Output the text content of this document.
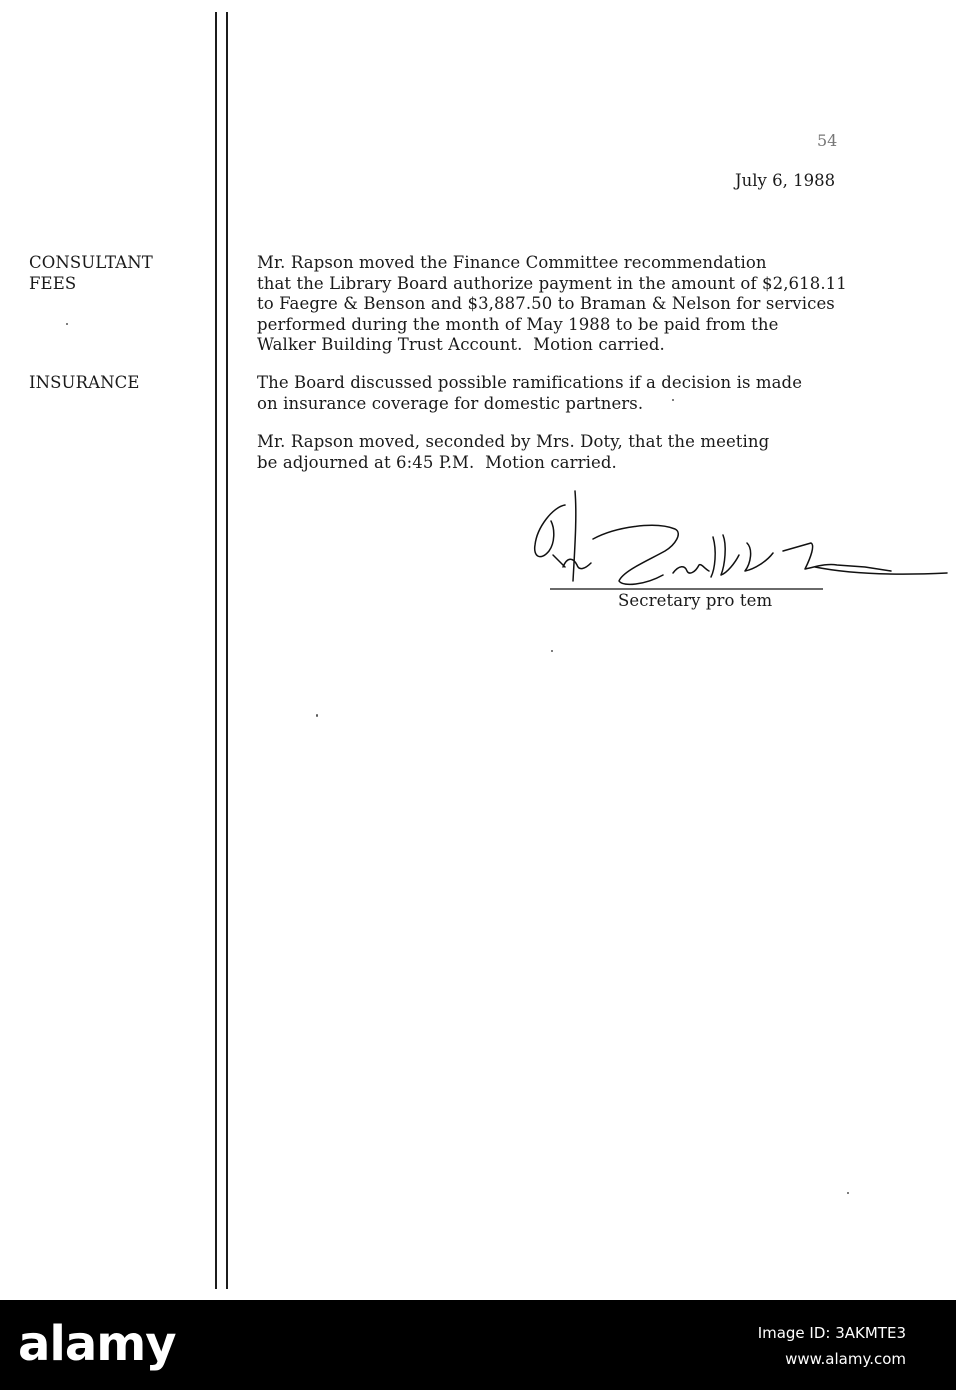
54
July 6, 1988
CONSULTANT
FEES
Mr. Rapson moved the Finance Committee recommendation
that the Library Board authorize payment in the amount of $2,618.11
to Faegre & Benson and $3,887.50 to Braman & Nelson for services
performed during the month of May 1988 to be paid from the
Walker Building Trust Account.  Motion carried.
INSURANCE	The Board discussed possible ramifications if a decision is made
on insurance coverage for domestic partners.
Mr. Rapson moved, seconded by Mrs. Doty, that the meeting
be adjourned at 6:45 P.M.  Motion carried.
Secretary pro tem
alamy	Image ID: 3AKMTE3
www.alamy.com
